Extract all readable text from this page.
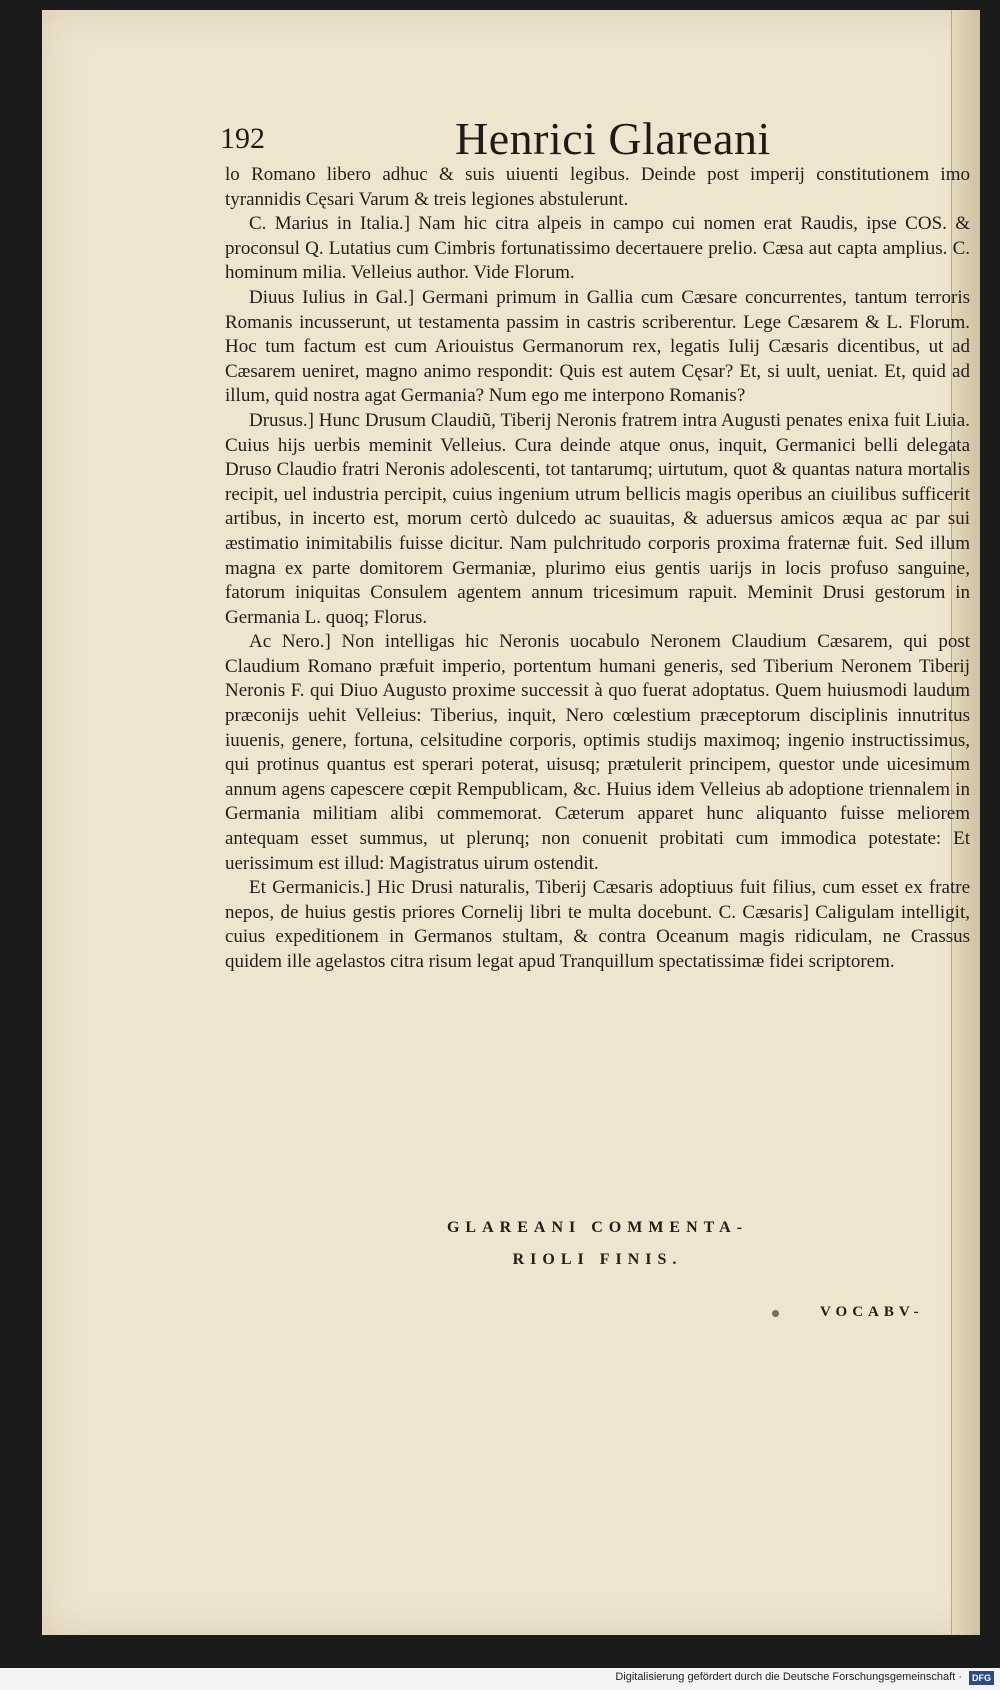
192	Henrici Glareani

lo Romano libero adhuc & suis uiuenti legibus. Deinde post imperij constitutionem imo tyrannidis Cęsari Varum & treis legiones abstulerunt.

C. Marius in Italia.] Nam hic citra alpeis in campo cui nomen erat Raudis, ipse COS. & proconsul Q. Lutatius cum Cimbris fortunatissimo decertauere prelio. Cæsa aut capta amplius. C. hominum milia. Velleius author. Vide Florum.

Diuus Iulius in Gal.] Germani primum in Gallia cum Cæsare concurrentes, tantum terroris Romanis incusserunt, ut testamenta passim in castris scriberentur. Lege Cæsarem & L. Florum. Hoc tum factum est cum Ariouistus Germanorum rex, legatis Iulij Cæsaris dicentibus, ut ad Cæsarem ueniret, magno animo respondit: Quis est autem Cęsar? Et, si uult, ueniat. Et, quid ad illum, quid nostra agat Germania? Num ego me interpono Romanis?

Drusus.] Hunc Drusum Claudiũ, Tiberij Neronis fratrem intra Augusti penates enixa fuit Liuia. Cuius hijs uerbis meminit Velleius. Cura deinde atque onus, inquit, Germanici belli delegata Druso Claudio fratri Neronis adolescenti, tot tantarumq; uirtutum, quot & quantas natura mortalis recipit, uel industria percipit, cuius ingenium utrum bellicis magis operibus an ciuilibus sufficerit artibus, in incerto est, morum certò dulcedo ac suauitas, & aduersus amicos æqua ac par sui æstimatio inimitabilis fuisse dicitur. Nam pulchritudo corporis proxima fraternæ fuit. Sed illum magna ex parte domitorem Germaniæ, plurimo eius gentis uarijs in locis profuso sanguine, fatorum iniquitas Consulem agentem annum tricesimum rapuit. Meminit Drusi gestorum in Germania L. quoq; Florus.

Ac Nero.] Non intelligas hic Neronis uocabulo Neronem Claudium Cæsarem, qui post Claudium Romano præfuit imperio, portentum humani generis, sed Tiberium Neronem Tiberij Neronis F. qui Diuo Augusto proxime successit à quo fuerat adoptatus. Quem huiusmodi laudum præconijs uehit Velleius: Tiberius, inquit, Nero cœlestium præceptorum disciplinis innutritus iuuenis, genere, fortuna, celsitudine corporis, optimis studijs maximoq; ingenio instructissimus, qui protinus quantus est sperari poterat, uisusq; prætulerit principem, questor unde uicesimum annum agens capescere cœpit Rempublicam, &c. Huius idem Velleius ab adoptione triennalem in Germania militiam alibi commemorat. Cæterum apparet hunc aliquanto fuisse meliorem antequam esset summus, ut plerunq; non conuenit probitati cum immodica potestate: Et uerissimum est illud: Magistratus uirum ostendit.

Et Germanicis.] Hic Drusi naturalis, Tiberij Cæsaris adoptiuus fuit filius, cum esset ex fratre nepos, de huius gestis priores Cornelij libri te multa docebunt. C. Cæsaris] Caligulam intelligit, cuius expeditionem in Germanos stultam, & contra Oceanum magis ridiculam, ne Crassus quidem ille agelastos citra risum legat apud Tranquillum spectatissimæ fidei scriptorem.

GLAREANI COMMENTA-
RIOLI FINIS.
VOCABV-
Digitalisierung gefördert durch die Deutsche Forschungsgemeinschaft ·	DFG
